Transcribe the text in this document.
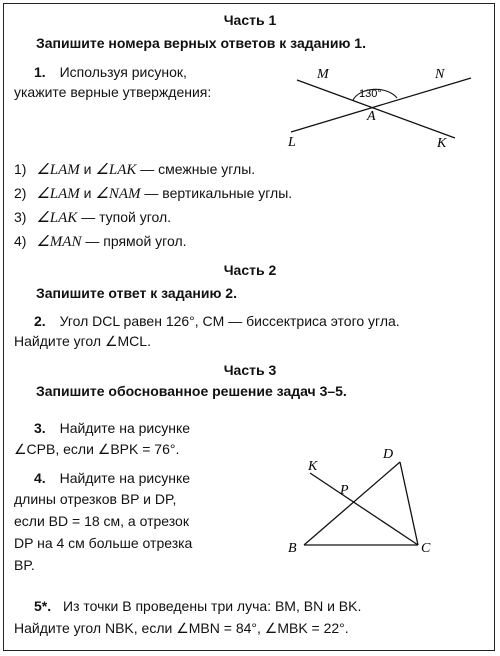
Часть 1
Запишите номера верных ответов к заданию 1.
1. Используя рисунок,
укажите верные утверждения:
M	N
130°
A
L	K
1) ∠LAM и ∠LAK — смежные углы.
2) ∠LAM и ∠NAM — вертикальные углы.
3) ∠LAK — тупой угол.
4) ∠MAN — прямой угол.
Часть 2
Запишите ответ к заданию 2.
2. Угол DCL равен 126°, CM — биссектриса этого угла.
Найдите угол ∠MCL.
Часть 3
Запишите обоснованное решение задач 3–5.
3. Найдите на рисунке
∠CPB, если ∠BPK = 76°.
4. Найдите на рисунке
длины отрезков BP и DP,
если BD = 18 см, а отрезок
DP на 4 см больше отрезка
BP.
K
D
P
B	C
5*. Из точки B проведены три луча: BM, BN и BK.
Найдите угол NBK, если ∠MBN = 84°, ∠MBK = 22°.
